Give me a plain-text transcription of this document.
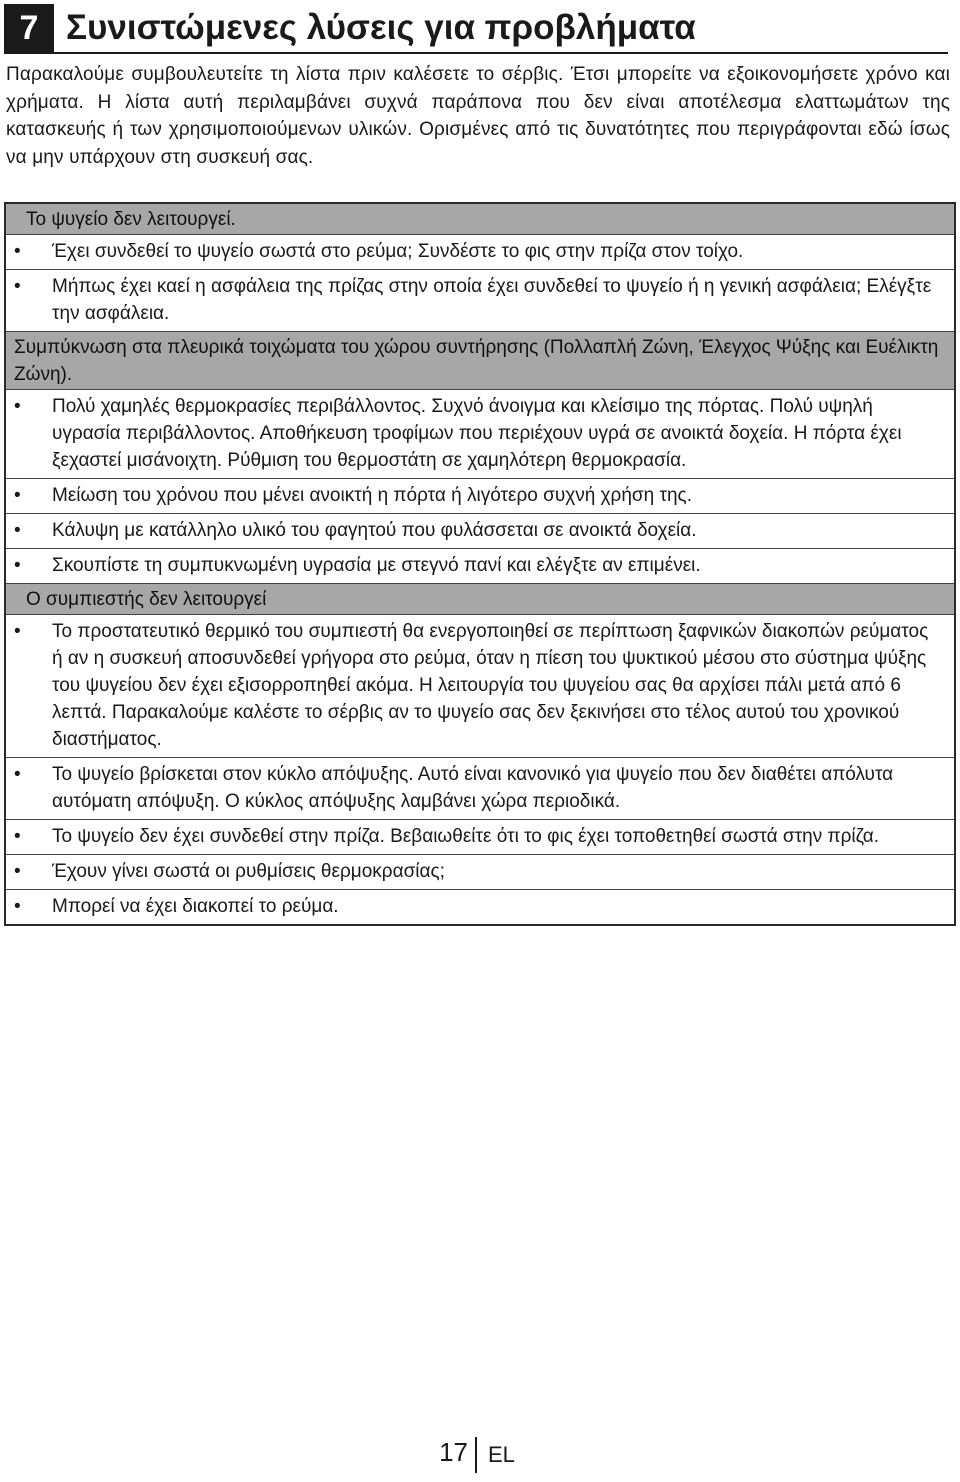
7 Συνιστώμενες λύσεις για προβλήματα

Παρακαλούμε συμβουλευτείτε τη λίστα πριν καλέσετε το σέρβις. Έτσι μπορείτε να εξοικονομήσετε χρόνο και χρήματα. Η λίστα αυτή περιλαμβάνει συχνά παράπονα που δεν είναι αποτέλεσμα ελαττωμάτων της κατασκευής ή των χρησιμοποιούμενων υλικών. Ορισμένες από τις δυνατότητες που περιγράφονται εδώ ίσως να μην υπάρχουν στη συσκευή σας.

Το ψυγείο δεν λειτουργεί.
• Έχει συνδεθεί το ψυγείο σωστά στο ρεύμα; Συνδέστε το φις στην πρίζα στον τοίχο.
• Μήπως έχει καεί η ασφάλεια της πρίζας στην οποία έχει συνδεθεί το ψυγείο ή η γενική ασφάλεια; Ελέγξτε την ασφάλεια.
Συμπύκνωση στα πλευρικά τοιχώματα του χώρου συντήρησης (Πολλαπλή Ζώνη, Έλεγχος Ψύξης και Ευέλικτη Ζώνη).
• Πολύ χαμηλές θερμοκρασίες περιβάλλοντος. Συχνό άνοιγμα και κλείσιμο της πόρτας. Πολύ υψηλή υγρασία περιβάλλοντος. Αποθήκευση τροφίμων που περιέχουν υγρά σε ανοικτά δοχεία. Η πόρτα έχει ξεχαστεί μισάνοιχτη. Ρύθμιση του θερμοστάτη σε χαμηλότερη θερμοκρασία.
• Μείωση του χρόνου που μένει ανοικτή η πόρτα ή λιγότερο συχνή χρήση της.
• Κάλυψη με κατάλληλο υλικό του φαγητού που φυλάσσεται σε ανοικτά δοχεία.
• Σκουπίστε τη συμπυκνωμένη υγρασία με στεγνό πανί και ελέγξτε αν επιμένει.
Ο συμπιεστής δεν λειτουργεί
• Το προστατευτικό θερμικό του συμπιεστή θα ενεργοποιηθεί σε περίπτωση ξαφνικών διακοπών ρεύματος ή αν η συσκευή αποσυνδεθεί γρήγορα στο ρεύμα, όταν η πίεση του ψυκτικού μέσου στο σύστημα ψύξης του ψυγείου δεν έχει εξισορροπηθεί ακόμα. Η λειτουργία του ψυγείου σας θα αρχίσει πάλι μετά από 6 λεπτά. Παρακαλούμε καλέστε το σέρβις αν το ψυγείο σας δεν ξεκινήσει στο τέλος αυτού του χρονικού διαστήματος.
• Το ψυγείο βρίσκεται στον κύκλο απόψυξης. Αυτό είναι κανονικό για ψυγείο που δεν διαθέτει απόλυτα αυτόματη απόψυξη. Ο κύκλος απόψυξης λαμβάνει χώρα περιοδικά.
• Το ψυγείο δεν έχει συνδεθεί στην πρίζα. Βεβαιωθείτε ότι το φις έχει τοποθετηθεί σωστά στην πρίζα.
• Έχουν γίνει σωστά οι ρυθμίσεις θερμοκρασίας;
• Μπορεί να έχει διακοπεί το ρεύμα.
17 EL
